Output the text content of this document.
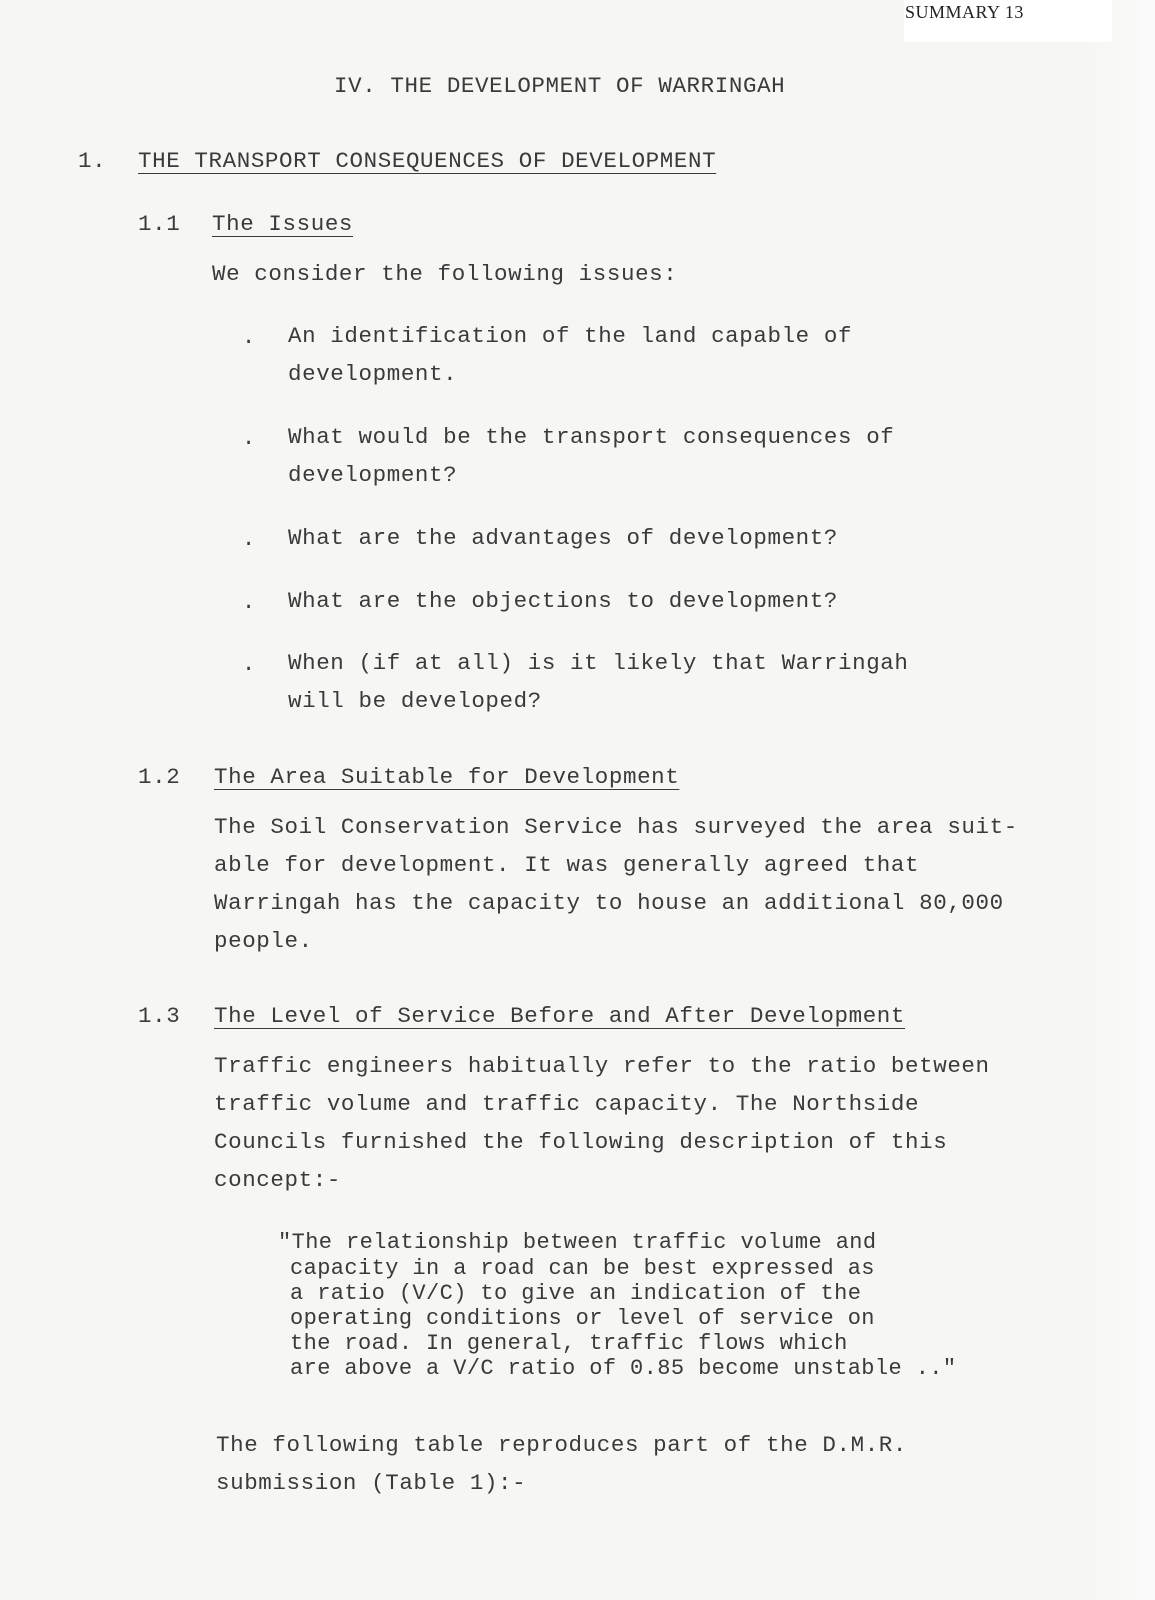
SUMMARY 13
IV. THE DEVELOPMENT OF WARRINGAH
1. THE TRANSPORT CONSEQUENCES OF DEVELOPMENT
1.1 The Issues
We consider the following issues:
. An identification of the land capable of
development.
. What would be the transport consequences of
development?
. What are the advantages of development?
. What are the objections to development?
. When (if at all) is it likely that Warringah
will be developed?
1.2 The Area Suitable for Development
The Soil Conservation Service has surveyed the area suit-
able for development. It was generally agreed that
Warringah has the capacity to house an additional 80,000
people.
1.3 The Level of Service Before and After Development
Traffic engineers habitually refer to the ratio between
traffic volume and traffic capacity. The Northside
Councils furnished the following description of this
concept:-
"The relationship between traffic volume and
capacity in a road can be best expressed as
a ratio (V/C) to give an indication of the
operating conditions or level of service on
the road. In general, traffic flows which
are above a V/C ratio of 0.85 become unstable .."
The following table reproduces part of the D.M.R.
submission (Table 1):-
